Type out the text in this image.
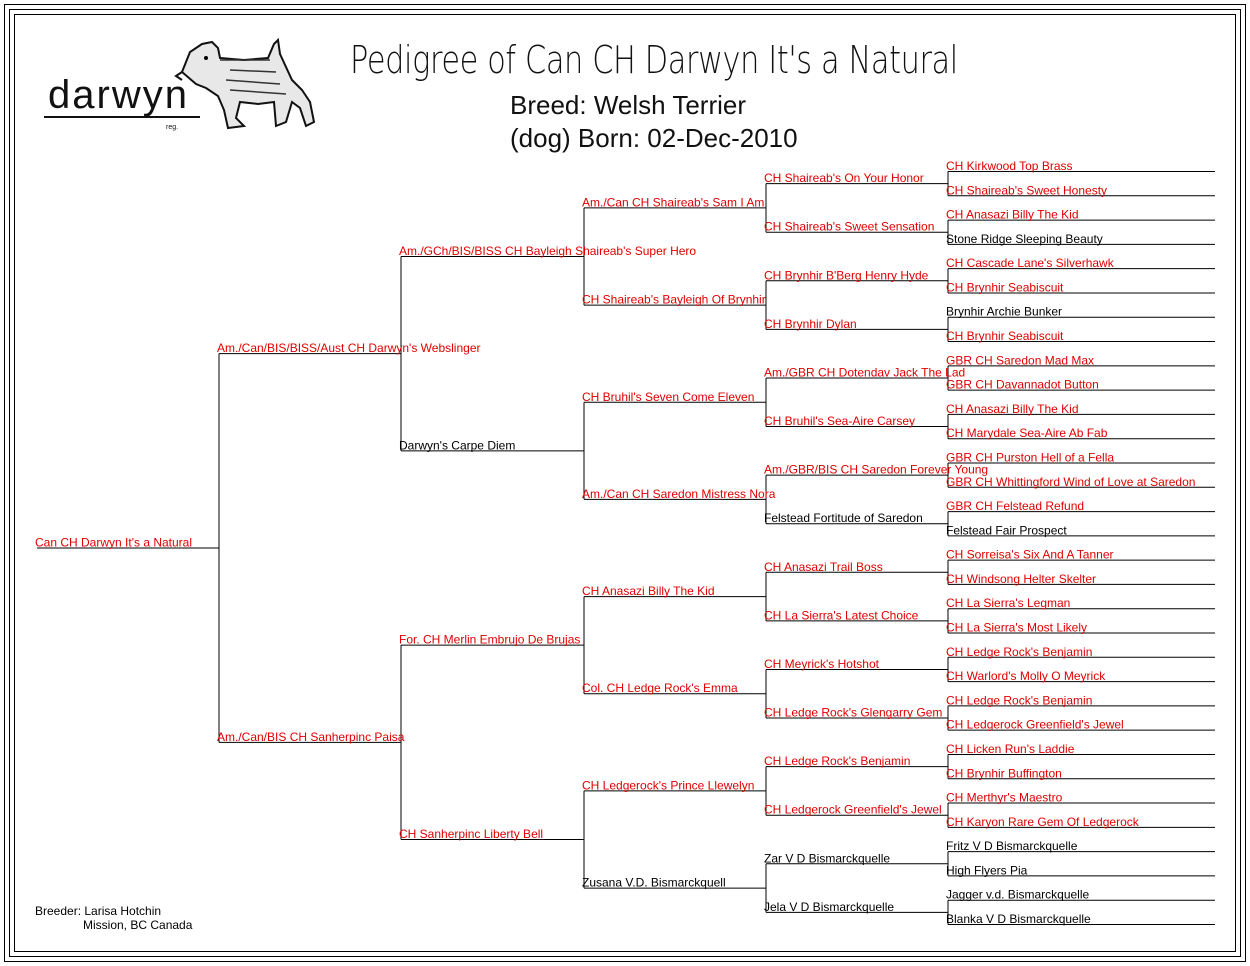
darwyn
reg.
Pedigree of Can CH Darwyn It's a Natural
Breed: Welsh Terrier
(dog) Born: 02-Dec-2010
Can CH Darwyn It's a Natural
Am./Can/BIS/BISS/Aust CH Darwyn's Webslinger
Am./Can/BIS CH Sanherpinc Paisa
Am./GCh/BIS/BISS CH Bayleigh Shaireab's Super Hero
Darwyn's Carpe Diem
For. CH Merlin Embrujo De Brujas
CH Sanherpinc Liberty Bell
Am./Can CH Shaireab's Sam I Am
CH Shaireab's Bayleigh Of Brynhir
CH Bruhil's Seven Come Eleven
Am./Can CH Saredon Mistress Nora
CH Anasazi Billy The Kid
Col. CH Ledge Rock's Emma
CH Ledgerock's Prince Llewelyn
Zusana V.D. Bismarckquell
CH Shaireab's On Your Honor
CH Shaireab's Sweet Sensation
CH Brynhir B'Berg Henry Hyde
CH Brynhir Dylan
Am./GBR CH Dotendav Jack The Lad
CH Bruhil's Sea-Aire Carsey
Am./GBR/BIS CH Saredon Forever Young
Felstead Fortitude of Saredon
CH Anasazi Trail Boss
CH La Sierra's Latest Choice
CH Meyrick's Hotshot
CH Ledge Rock's Glengarry Gem
CH Ledge Rock's Benjamin
CH Ledgerock Greenfield's Jewel
Zar V D Bismarckquelle
Jela V D Bismarckquelle
CH Kirkwood Top Brass
CH Shaireab's Sweet Honesty
CH Anasazi Billy The Kid
Stone Ridge Sleeping Beauty
CH Cascade Lane's Silverhawk
CH Brynhir Seabiscuit
Brynhir Archie Bunker
CH Brynhir Seabiscuit
GBR CH Saredon Mad Max
GBR CH Davannadot Button
CH Anasazi Billy The Kid
CH Marydale Sea-Aire Ab Fab
GBR CH Purston Hell of a Fella
GBR CH Whittingford Wind of Love at Saredon
GBR CH Felstead Refund
Felstead Fair Prospect
CH Sorreisa's Six And A Tanner
CH Windsong Helter Skelter
CH La Sierra's Legman
CH La Sierra's Most Likely
CH Ledge Rock's Benjamin
CH Warlord's Molly O Meyrick
CH Ledge Rock's Benjamin
CH Ledgerock Greenfield's Jewel
CH Licken Run's Laddie
CH Brynhir Buffington
CH Merthyr's Maestro
CH Karyon Rare Gem Of Ledgerock
Fritz V D Bismarckquelle
High Flyers Pia
Jagger v.d. Bismarckquelle
Blanka V D Bismarckquelle
Breeder: Larisa Hotchin
Mission, BC Canada
